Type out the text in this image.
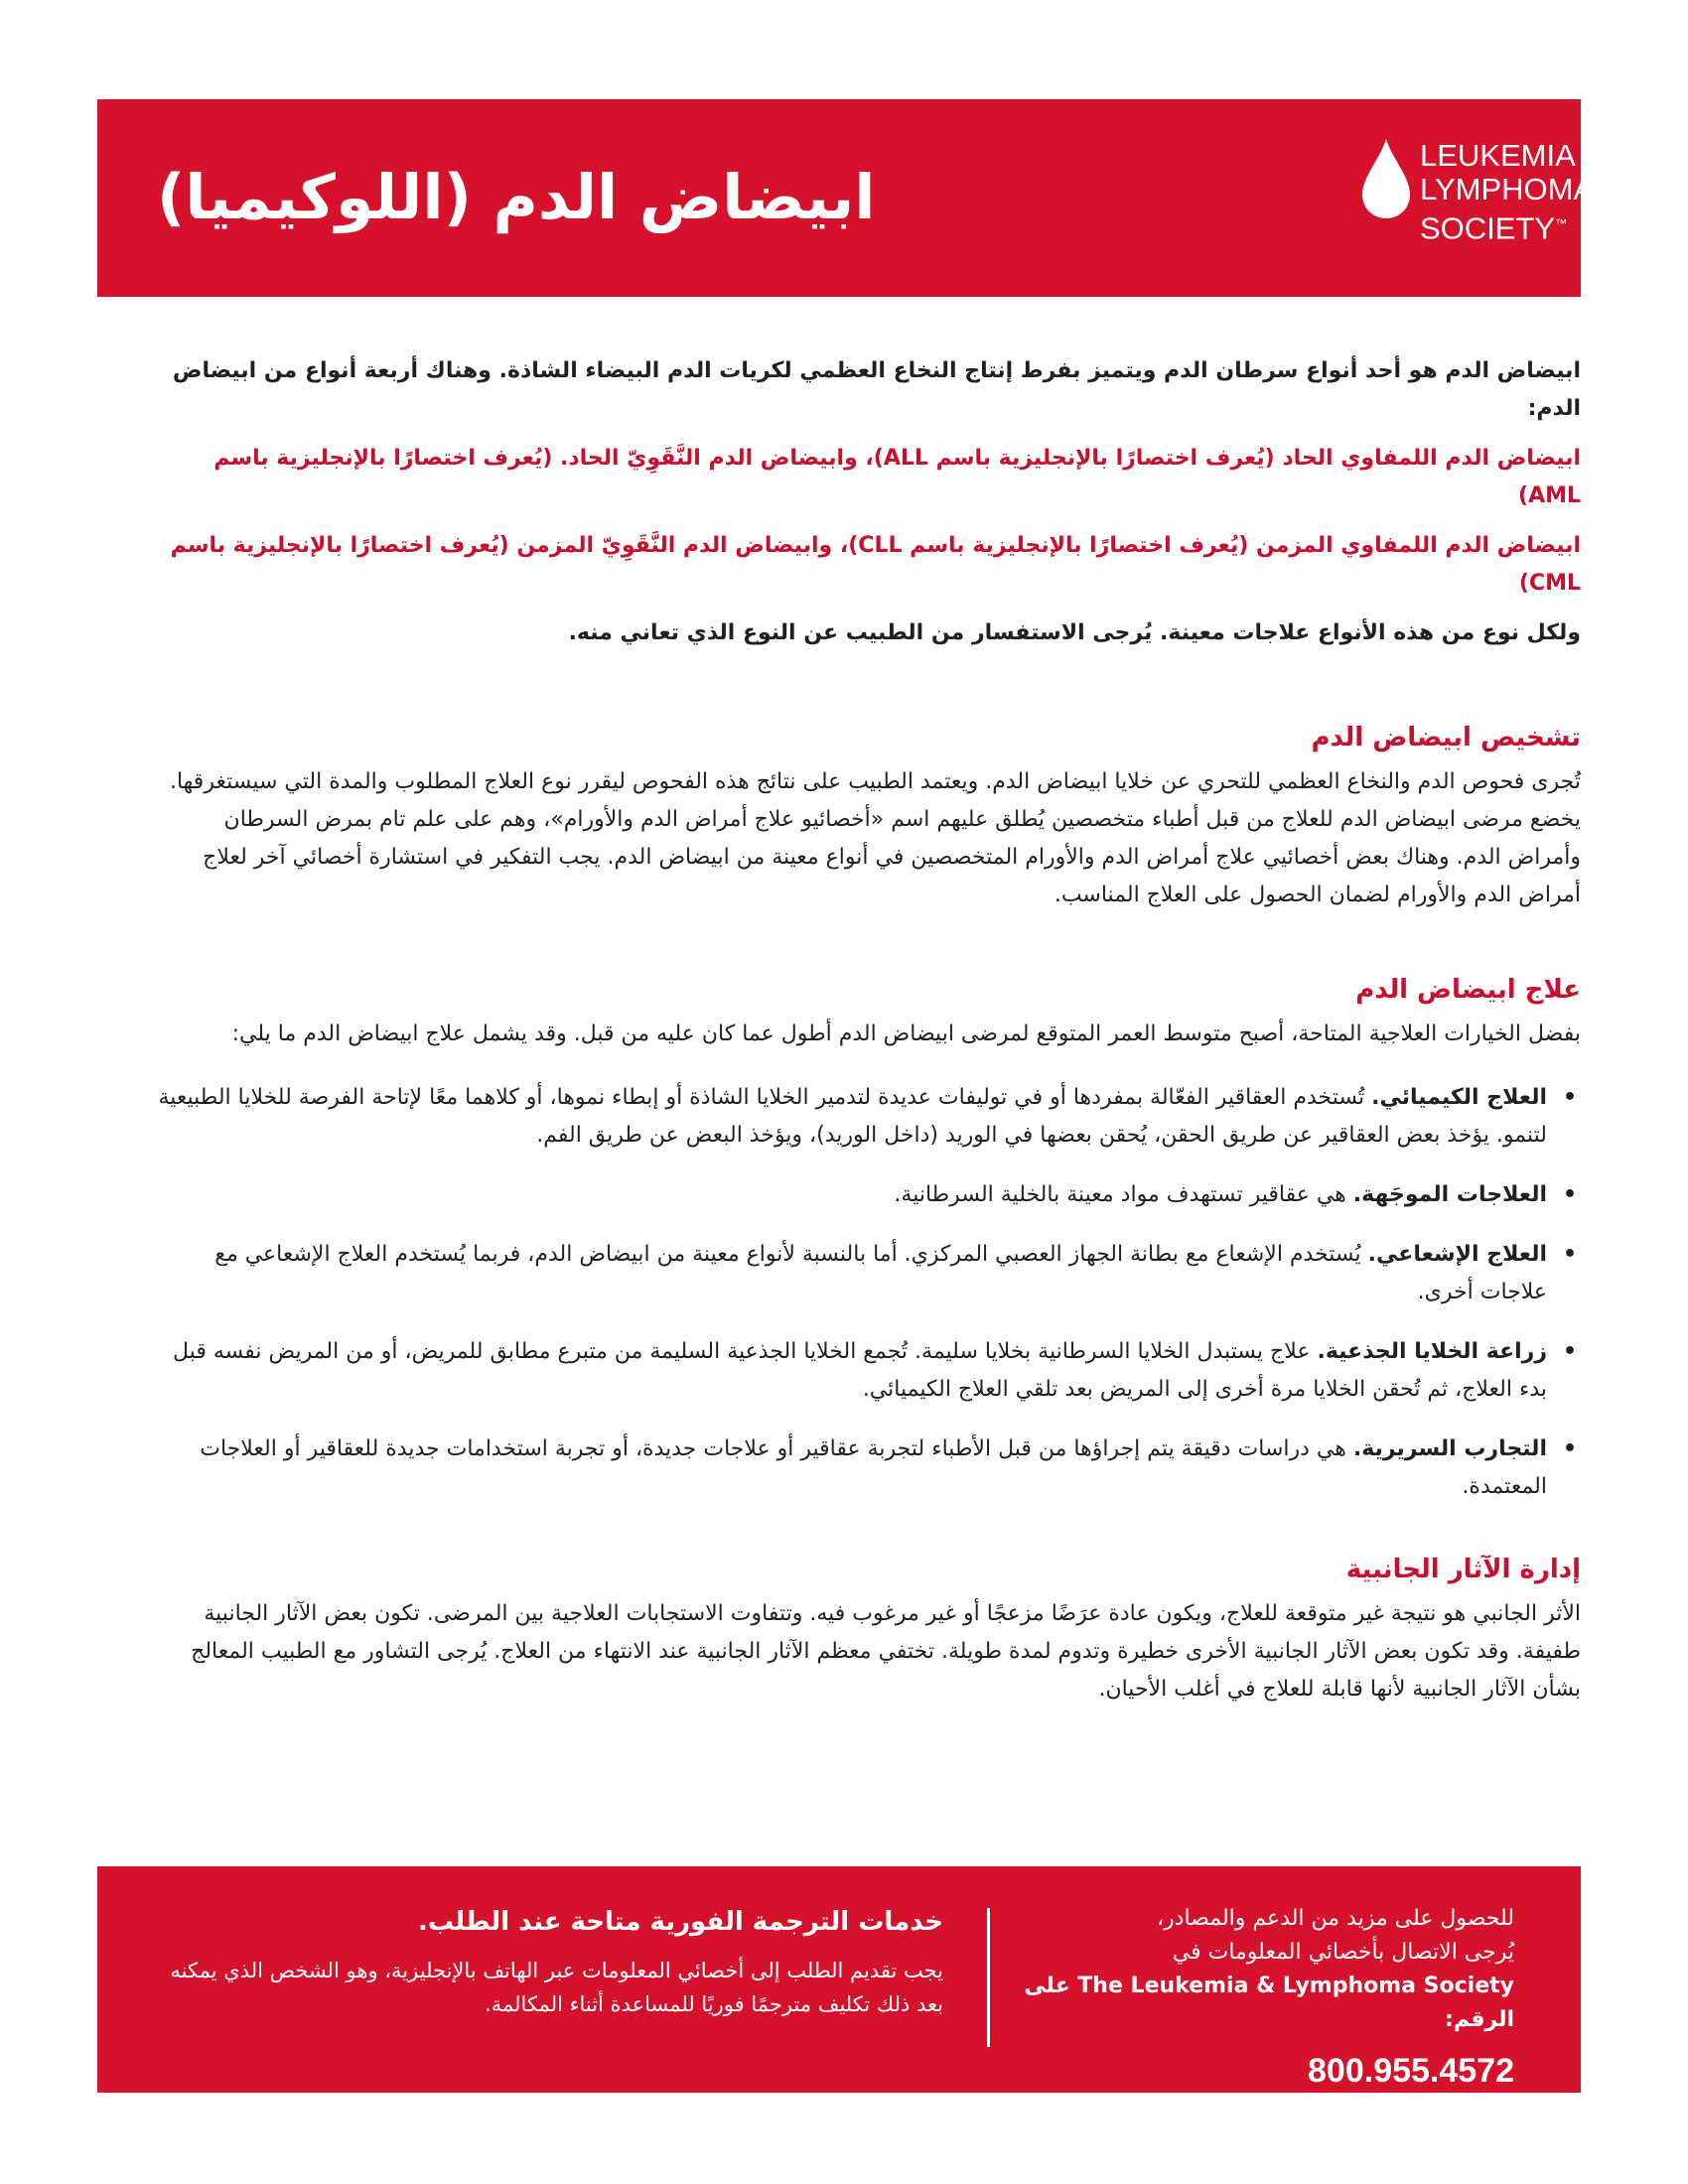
LEUKEMIA &
LYMPHOMA
SOCIETY™
ابيضاض الدم (اللوكيميا)

ابيضاض الدم هو أحد أنواع سرطان الدم ويتميز بفرط إنتاج النخاع العظمي لكريات الدم البيضاء الشاذة. وهناك أربعة أنواع من ابيضاض الدم:

ابيضاض الدم اللمفاوي الحاد (يُعرف اختصارًا بالإنجليزية باسم ALL)، وابيضاض الدم النَّقَوِيّ الحاد. (يُعرف اختصارًا بالإنجليزية باسم AML)

ابيضاض الدم اللمفاوي المزمن (يُعرف اختصارًا بالإنجليزية باسم CLL)، وابيضاض الدم النَّقَوِيّ المزمن (يُعرف اختصارًا بالإنجليزية باسم CML)

ولكل نوع من هذه الأنواع علاجات معينة. يُرجى الاستفسار من الطبيب عن النوع الذي تعاني منه.

تشخيص ابيضاض الدم

تُجرى فحوص الدم والنخاع العظمي للتحري عن خلايا ابيضاض الدم. ويعتمد الطبيب على نتائج هذه الفحوص ليقرر نوع العلاج المطلوب والمدة التي سيستغرقها. يخضع مرضى ابيضاض الدم للعلاج من قبل أطباء متخصصين يُطلق عليهم اسم «أخصائيو علاج أمراض الدم والأورام»، وهم على علم تام بمرض السرطان وأمراض الدم. وهناك بعض أخصائيي علاج أمراض الدم والأورام المتخصصين في أنواع معينة من ابيضاض الدم. يجب التفكير في استشارة أخصائي آخر لعلاج أمراض الدم والأورام لضمان الحصول على العلاج المناسب.

علاج ابيضاض الدم

بفضل الخيارات العلاجية المتاحة، أصبح متوسط العمر المتوقع لمرضى ابيضاض الدم أطول عما كان عليه من قبل. وقد يشمل علاج ابيضاض الدم ما يلي:

•
العلاج الكيميائي. تُستخدم العقاقير الفعّالة بمفردها أو في توليفات عديدة لتدمير الخلايا الشاذة أو إبطاء نموها، أو كلاهما معًا لإتاحة الفرصة للخلايا الطبيعية لتنمو. يؤخذ بعض العقاقير عن طريق الحقن، يُحقن بعضها في الوريد (داخل الوريد)، ويؤخذ البعض عن طريق الفم.
•
العلاجات الموجَهة. هي عقاقير تستهدف مواد معينة بالخلية السرطانية.
•
العلاج الإشعاعي. يُستخدم الإشعاع مع بطانة الجهاز العصبي المركزي. أما بالنسبة لأنواع معينة من ابيضاض الدم، فربما يُستخدم العلاج الإشعاعي مع علاجات أخرى.
•
زراعة الخلايا الجذعية. علاج يستبدل الخلايا السرطانية بخلايا سليمة. تُجمع الخلايا الجذعية السليمة من متبرع مطابق للمريض، أو من المريض نفسه قبل بدء العلاج، ثم تُحقن الخلايا مرة أخرى إلى المريض بعد تلقي العلاج الكيميائي.
•
التجارب السريرية. هي دراسات دقيقة يتم إجراؤها من قبل الأطباء لتجربة عقاقير أو علاجات جديدة، أو تجربة استخدامات جديدة للعقاقير أو العلاجات المعتمدة.
إدارة الآثار الجانبية

الأثر الجانبي هو نتيجة غير متوقعة للعلاج، ويكون عادة عرَضًا مزعجًا أو غير مرغوب فيه. وتتفاوت الاستجابات العلاجية بين المرضى. تكون بعض الآثار الجانبية طفيفة. وقد تكون بعض الآثار الجانبية الأخرى خطيرة وتدوم لمدة طويلة. تختفي معظم الآثار الجانبية عند الانتهاء من العلاج. يُرجى التشاور مع الطبيب المعالج بشأن الآثار الجانبية لأنها قابلة للعلاج في أغلب الأحيان.

للحصول على مزيد من الدعم والمصادر،

يُرجى الاتصال بأخصائي المعلومات في

The Leukemia & Lymphoma Society على الرقم:

800.955.4572

خدمات الترجمة الفورية متاحة عند الطلب.

يجب تقديم الطلب إلى أخصائي المعلومات عبر الهاتف بالإنجليزية، وهو الشخص الذي يمكنه بعد ذلك تكليف مترجمًا فوريًا للمساعدة أثناء المكالمة.
